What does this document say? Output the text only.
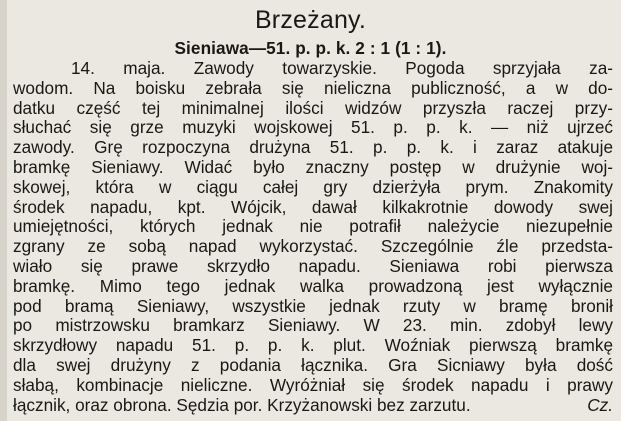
Brzeżany.
Sieniawa—51. p. p. k. 2 : 1 (1 : 1).
14. maja. Zawody towarzyskie. Pogoda sprzyjała za-
wodom. Na boisku zebrała się nieliczna publiczność, a w do-
datku część tej minimalnej ilości widzów przyszła raczej przy-
słuchać się grze muzyki wojskowej 51. p. p. k. — niż ujrzeć
zawody. Grę rozpoczyna drużyna 51. p. p. k. i zaraz atakuje
bramkę Sieniawy. Widać było znaczny postęp w drużynie woj-
skowej, która w ciągu całej gry dzierżyła prym. Znakomity
środek napadu, kpt. Wójcik, dawał kilkakrotnie dowody swej
umiejętności, których jednak nie potrafił należycie niezupełnie
zgrany ze sobą napad wykorzystać. Szczególnie źle przedsta-
wiało się prawe skrzydło napadu. Sieniawa robi pierwsza
bramkę. Mimo tego jednak walka prowadzoną jest wyłącznie
pod bramą Sieniawy, wszystkie jednak rzuty w bramę bronił
po mistrzowsku bramkarz Sieniawy. W 23. min. zdobył lewy
skrzydłowy napadu 51. p. p. k. plut. Woźniak pierwszą bramkę
dla swej drużyny z podania łącznika. Gra Sicniawy była dość
słabą, kombinacje nieliczne. Wyróżniał się środek napadu i prawy
łącznik, oraz obrona. Sędzia por. Krzyżanowski bez zarzutu.	Cz.
